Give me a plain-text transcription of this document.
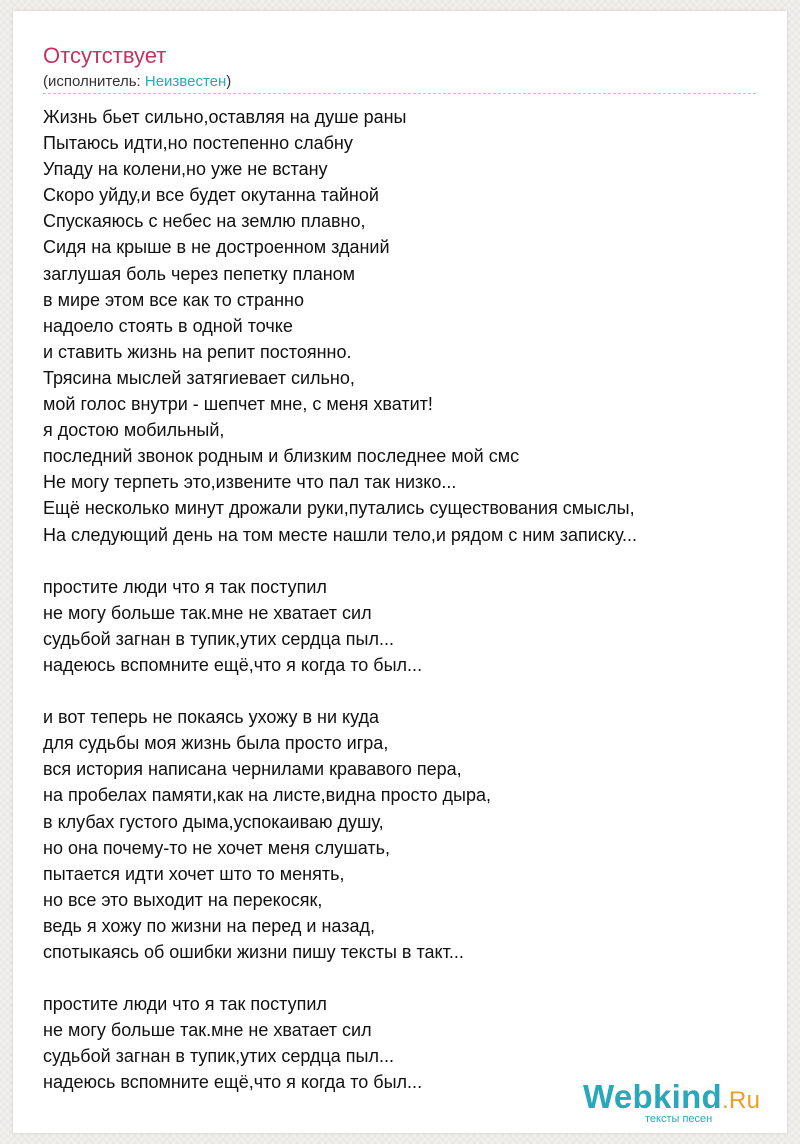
Отсутствует
(исполнитель: Неизвестен)
Жизнь бьет сильно,оставляя на душе раны
Пытаюсь идти,но постепенно слабну
Упаду на колени,но уже не встану
Скоро уйду,и все будет окутанна тайной
Спускаяюсь с небес на землю плавно,
Сидя на крыше в не достроенном зданий
заглушая боль через пепетку планом
в мире этом все как то странно
надоело стоять в одной точке
и ставить жизнь на репит постоянно.
Трясина мыслей затягиевает сильно,
мой голос внутри - шепчет мне, с меня хватит!
я достою мобильный,
последний звонок родным и близким последнее мой смс
Не могу терпеть это,извените что пал так низко...
Ещё несколько минут дрожали руки,путались существования смыслы,
На следующий день на том месте нашли тело,и рядом с ним записку...
простите люди что я так поступил
не могу больше так.мне не хватает сил
судьбой загнан в тупик,утих сердца пыл...
надеюсь вспомните ещё,что я когда то был...
и вот теперь не покаясь ухожу в ни куда
для судьбы моя жизнь была просто игра,
вся история написана чернилами крававого пера,
на пробелах памяти,как на листе,видна просто дыра,
в клубах густого дыма,успокаиваю душу,
но она почему-то не хочет меня слушать,
пытается идти хочет што то менять,
но все это выходит на перекосяк,
ведь я хожу по жизни на перед и назад,
спотыкаясь об ошибки жизни пишу тексты в такт...
простите люди что я так поступил
не могу больше так.мне не хватает сил
судьбой загнан в тупик,утих сердца пыл...
надеюсь вспомните ещё,что я когда то был...	Webkind.Ru
тексты песен
